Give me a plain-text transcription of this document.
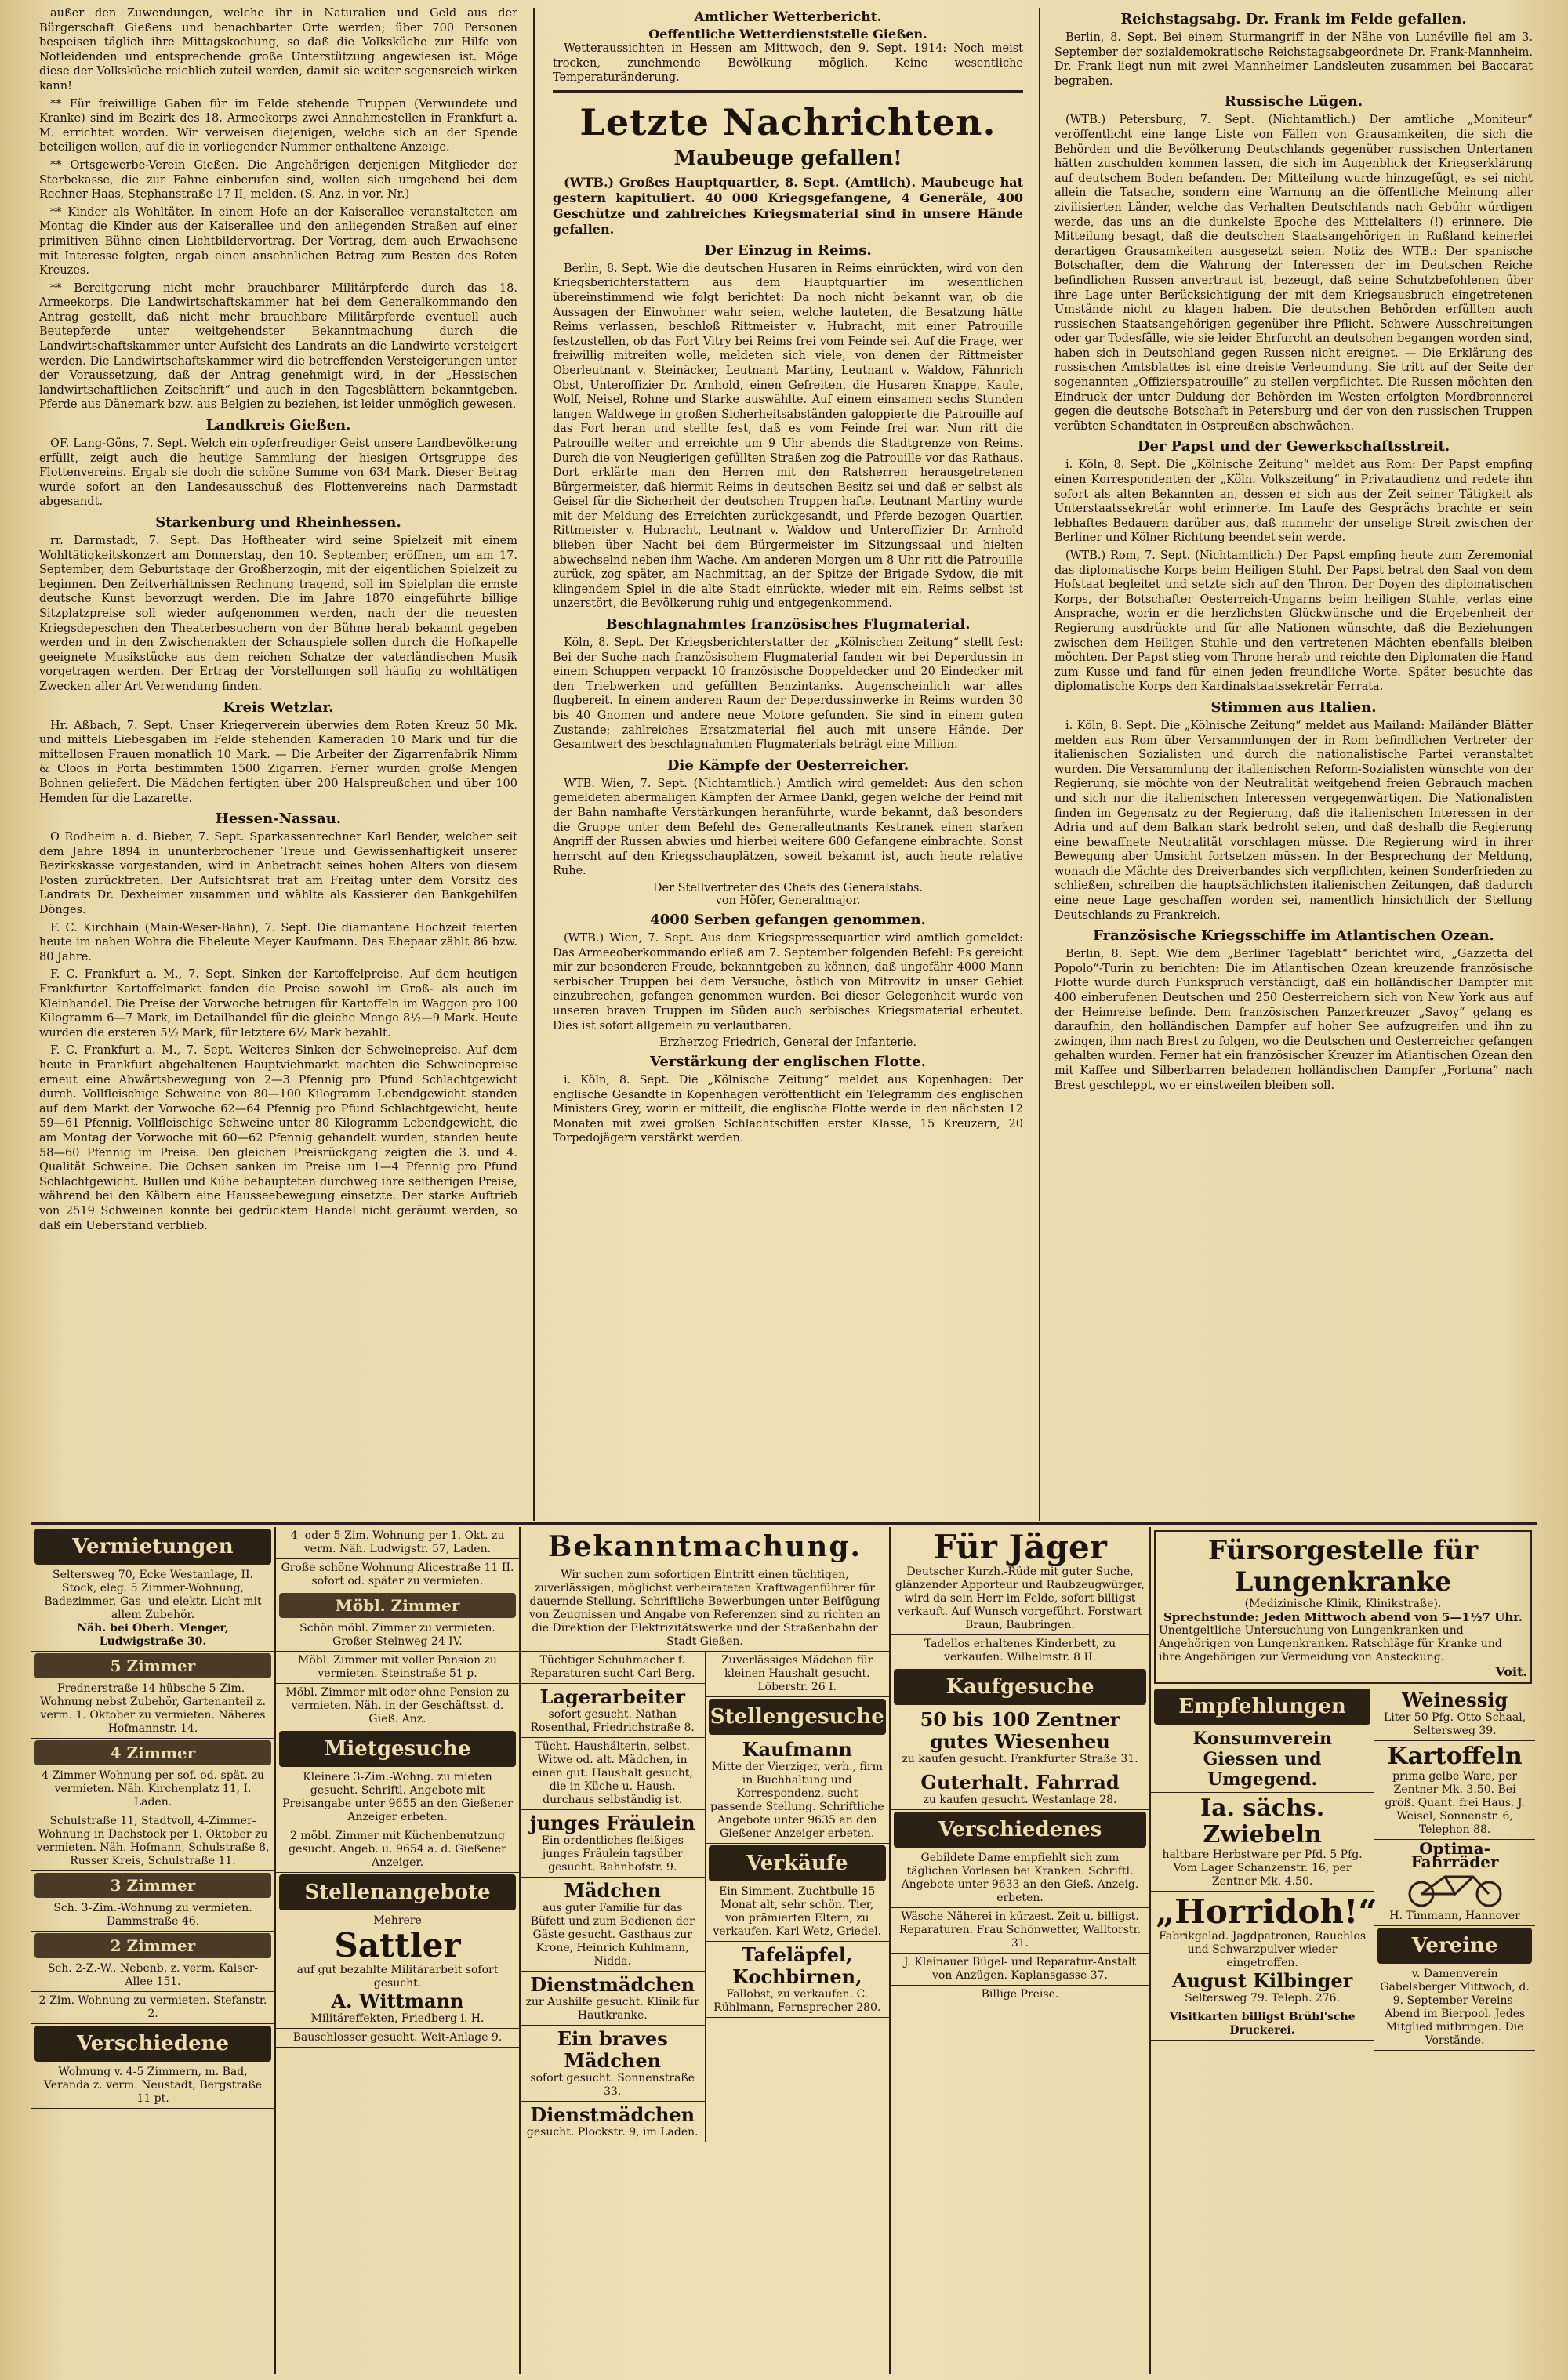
außer den Zuwendungen, welche ihr in Naturalien und Geld aus der Bürgerschaft Gießens und benachbarter Orte werden; über 700 Personen bespeisen täglich ihre Mittagskochung, so daß die Volksküche zur Hilfe von Notleidenden und entsprechende große Unterstützung angewiesen ist. Möge diese der Volksküche reichlich zuteil werden, damit sie weiter segensreich wirken kann!

** Für freiwillige Gaben für im Felde stehende Truppen (Verwundete und Kranke) sind im Bezirk des 18. Armeekorps zwei Annahmestellen in Frankfurt a. M. errichtet worden. Wir verweisen diejenigen, welche sich an der Spende beteiligen wollen, auf die in vorliegender Nummer enthaltene Anzeige.

** Ortsgewerbe-Verein Gießen. Die Angehörigen derjenigen Mitglieder der Sterbekasse, die zur Fahne einberufen sind, wollen sich umgehend bei dem Rechner Haas, Stephanstraße 17 II, melden. (S. Anz. in vor. Nr.)

** Kinder als Wohltäter. In einem Hofe an der Kaiserallee veranstalteten am Montag die Kinder aus der Kaiserallee und den anliegenden Straßen auf einer primitiven Bühne einen Lichtbildervortrag. Der Vortrag, dem auch Erwachsene mit Interesse folgten, ergab einen ansehnlichen Betrag zum Besten des Roten Kreuzes.

** Bereitgerung nicht mehr brauchbarer Militärpferde durch das 18. Armeekorps. Die Landwirtschaftskammer hat bei dem Generalkommando den Antrag gestellt, daß nicht mehr brauchbare Militärpferde eventuell auch Beutepferde unter weitgehendster Bekanntmachung durch die Landwirtschaftskammer unter Aufsicht des Landrats an die Landwirte versteigert werden. Die Landwirtschaftskammer wird die betreffenden Versteigerungen unter der Voraussetzung, daß der Antrag genehmigt wird, in der „Hessischen landwirtschaftlichen Zeitschrift“ und auch in den Tagesblättern bekanntgeben. Pferde aus Dänemark bzw. aus Belgien zu beziehen, ist leider unmöglich gewesen.

Landkreis Gießen.

OF. Lang-Göns, 7. Sept. Welch ein opferfreudiger Geist unsere Landbevölkerung erfüllt, zeigt auch die heutige Sammlung der hiesigen Ortsgruppe des Flottenvereins. Ergab sie doch die schöne Summe von 634 Mark. Dieser Betrag wurde sofort an den Landesausschuß des Flottenvereins nach Darmstadt abgesandt.

Starkenburg und Rheinhessen.

rr. Darmstadt, 7. Sept. Das Hoftheater wird seine Spielzeit mit einem Wohltätigkeitskonzert am Donnerstag, den 10. September, eröffnen, um am 17. September, dem Geburtstage der Großherzogin, mit der eigentlichen Spielzeit zu beginnen. Den Zeitverhältnissen Rechnung tragend, soll im Spielplan die ernste deutsche Kunst bevorzugt werden. Die im Jahre 1870 eingeführte billige Sitzplatzpreise soll wieder aufgenommen werden, nach der die neuesten Kriegsdepeschen den Theaterbesuchern von der Bühne herab bekannt gegeben werden und in den Zwischenakten der Schauspiele sollen durch die Hofkapelle geeignete Musikstücke aus dem reichen Schatze der vaterländischen Musik vorgetragen werden. Der Ertrag der Vorstellungen soll häufig zu wohltätigen Zwecken aller Art Verwendung finden.

Kreis Wetzlar.

Hr. Aßbach, 7. Sept. Unser Kriegerverein überwies dem Roten Kreuz 50 Mk. und mittels Liebesgaben im Felde stehenden Kameraden 10 Mark und für die mittellosen Frauen monatlich 10 Mark. — Die Arbeiter der Zigarrenfabrik Nimm & Cloos in Porta bestimmten 1500 Zigarren. Ferner wurden große Mengen Bohnen geliefert. Die Mädchen fertigten über 200 Halspreußchen und über 100 Hemden für die Lazarette.

Hessen-Nassau.

O Rodheim a. d. Bieber, 7. Sept. Sparkassenrechner Karl Bender, welcher seit dem Jahre 1894 in ununterbrochener Treue und Gewissenhaftigkeit unserer Bezirkskasse vorgestanden, wird in Anbetracht seines hohen Alters von diesem Posten zurücktreten. Der Aufsichtsrat trat am Freitag unter dem Vorsitz des Landrats Dr. Dexheimer zusammen und wählte als Kassierer den Bankgehilfen Dönges.

F. C. Kirchhain (Main-Weser-Bahn), 7. Sept. Die diamantene Hochzeit feierten heute im nahen Wohra die Eheleute Meyer Kaufmann. Das Ehepaar zählt 86 bzw. 80 Jahre.

F. C. Frankfurt a. M., 7. Sept. Sinken der Kartoffelpreise. Auf dem heutigen Frankfurter Kartoffelmarkt fanden die Preise sowohl im Groß- als auch im Kleinhandel. Die Preise der Vorwoche betrugen für Kartoffeln im Waggon pro 100 Kilogramm 6—7 Mark, im Detailhandel für die gleiche Menge 8½—9 Mark. Heute wurden die ersteren 5½ Mark, für letztere 6½ Mark bezahlt.

F. C. Frankfurt a. M., 7. Sept. Weiteres Sinken der Schweinepreise. Auf dem heute in Frankfurt abgehaltenen Hauptviehmarkt machten die Schweinepreise erneut eine Abwärtsbewegung von 2—3 Pfennig pro Pfund Schlachtgewicht durch. Vollfleischige Schweine von 80—100 Kilogramm Lebendgewicht standen auf dem Markt der Vorwoche 62—64 Pfennig pro Pfund Schlachtgewicht, heute 59—61 Pfennig. Vollfleischige Schweine unter 80 Kilogramm Lebendgewicht, die am Montag der Vorwoche mit 60—62 Pfennig gehandelt wurden, standen heute 58—60 Pfennig im Preise. Den gleichen Preisrückgang zeigten die 3. und 4. Qualität Schweine. Die Ochsen sanken im Preise um 1—4 Pfennig pro Pfund Schlachtgewicht. Bullen und Kühe behaupteten durchweg ihre seitherigen Preise, während bei den Kälbern eine Hausseebewegung einsetzte. Der starke Auftrieb von 2519 Schweinen konnte bei gedrücktem Handel nicht geräumt werden, so daß ein Ueberstand verblieb.

Amtlicher Wetterbericht.
Oeffentliche Wetterdienststelle Gießen.

Wetteraussichten in Hessen am Mittwoch, den 9. Sept. 1914: Noch meist trocken, zunehmende Bewölkung möglich. Keine wesentliche Temperaturänderung.

Letzte Nachrichten.
Maubeuge gefallen!

(WTB.) Großes Hauptquartier, 8. Sept. (Amtlich). Maubeuge hat gestern kapituliert. 40 000 Kriegsgefangene, 4 Generäle, 400 Geschütze und zahlreiches Kriegsmaterial sind in unsere Hände gefallen.

Der Einzug in Reims.

Berlin, 8. Sept. Wie die deutschen Husaren in Reims einrückten, wird von den Kriegsberichterstattern aus dem Hauptquartier im wesentlichen übereinstimmend wie folgt berichtet: Da noch nicht bekannt war, ob die Aussagen der Einwohner wahr seien, welche lauteten, die Besatzung hätte Reims verlassen, beschloß Rittmeister v. Hubracht, mit einer Patrouille festzustellen, ob das Fort Vitry bei Reims frei vom Feinde sei. Auf die Frage, wer freiwillig mitreiten wolle, meldeten sich viele, von denen der Rittmeister Oberleutnant v. Steinäcker, Leutnant Martiny, Leutnant v. Waldow, Fähnrich Obst, Unteroffizier Dr. Arnhold, einen Gefreiten, die Husaren Knappe, Kaule, Wolf, Neisel, Rohne und Starke auswählte. Auf einem einsamen sechs Stunden langen Waldwege in großen Sicherheitsabständen galoppierte die Patrouille auf das Fort heran und stellte fest, daß es vom Feinde frei war. Nun ritt die Patrouille weiter und erreichte um 9 Uhr abends die Stadtgrenze von Reims. Durch die von Neugierigen gefüllten Straßen zog die Patrouille vor das Rathaus. Dort erklärte man den Herren mit den Ratsherren herausgetretenen Bürgermeister, daß hiermit Reims in deutschen Besitz sei und daß er selbst als Geisel für die Sicherheit der deutschen Truppen hafte. Leutnant Martiny wurde mit der Meldung des Erreichten zurückgesandt, und Pferde bezogen Quartier. Rittmeister v. Hubracht, Leutnant v. Waldow und Unteroffizier Dr. Arnhold blieben über Nacht bei dem Bürgermeister im Sitzungssaal und hielten abwechselnd neben ihm Wache. Am anderen Morgen um 8 Uhr ritt die Patrouille zurück, zog später, am Nachmittag, an der Spitze der Brigade Sydow, die mit klingendem Spiel in die alte Stadt einrückte, wieder mit ein. Reims selbst ist unzerstört, die Bevölkerung ruhig und entgegenkommend.

Beschlagnahmtes französisches Flugmaterial.

Köln, 8. Sept. Der Kriegsberichterstatter der „Kölnischen Zeitung“ stellt fest: Bei der Suche nach französischem Flugmaterial fanden wir bei Deperdussin in einem Schuppen verpackt 10 französische Doppeldecker und 20 Eindecker mit den Triebwerken und gefüllten Benzintanks. Augenscheinlich war alles flugbereit. In einem anderen Raum der Deperdussinwerke in Reims wurden 30 bis 40 Gnomen und andere neue Motore gefunden. Sie sind in einem guten Zustande; zahlreiches Ersatzmaterial fiel auch mit unsere Hände. Der Gesamtwert des beschlagnahmten Flugmaterials beträgt eine Million.

Die Kämpfe der Oesterreicher.

WTB. Wien, 7. Sept. (Nichtamtlich.) Amtlich wird gemeldet: Aus den schon gemeldeten abermaligen Kämpfen der Armee Dankl, gegen welche der Feind mit der Bahn namhafte Verstärkungen heranführte, wurde bekannt, daß besonders die Gruppe unter dem Befehl des Generalleutnants Kestranek einen starken Angriff der Russen abwies und hierbei weitere 600 Gefangene einbrachte. Sonst herrscht auf den Kriegsschauplätzen, soweit bekannt ist, auch heute relative Ruhe.

Der Stellvertreter des Chefs des Generalstabs.
von Höfer, Generalmajor.
4000 Serben gefangen genommen.

(WTB.) Wien, 7. Sept. Aus dem Kriegspressequartier wird amtlich gemeldet: Das Armeeoberkommando erließ am 7. September folgenden Befehl: Es gereicht mir zur besonderen Freude, bekanntgeben zu können, daß ungefähr 4000 Mann serbischer Truppen bei dem Versuche, östlich von Mitrovitz in unser Gebiet einzubrechen, gefangen genommen wurden. Bei dieser Gelegenheit wurde von unseren braven Truppen im Süden auch serbisches Kriegsmaterial erbeutet. Dies ist sofort allgemein zu verlautbaren.

Erzherzog Friedrich, General der Infanterie.
Verstärkung der englischen Flotte.

i. Köln, 8. Sept. Die „Kölnische Zeitung“ meldet aus Kopenhagen: Der englische Gesandte in Kopenhagen veröffentlicht ein Telegramm des englischen Ministers Grey, worin er mitteilt, die englische Flotte werde in den nächsten 12 Monaten mit zwei großen Schlachtschiffen erster Klasse, 15 Kreuzern, 20 Torpedojägern verstärkt werden.

Reichstagsabg. Dr. Frank im Felde gefallen.

Berlin, 8. Sept. Bei einem Sturmangriff in der Nähe von Lunéville fiel am 3. September der sozialdemokratische Reichstagsabgeordnete Dr. Frank-Mannheim. Dr. Frank liegt nun mit zwei Mannheimer Landsleuten zusammen bei Baccarat begraben.

Russische Lügen.

(WTB.) Petersburg, 7. Sept. (Nichtamtlich.) Der amtliche „Moniteur“ veröffentlicht eine lange Liste von Fällen von Grausamkeiten, die sich die Behörden und die Bevölkerung Deutschlands gegenüber russischen Untertanen hätten zuschulden kommen lassen, die sich im Augenblick der Kriegserklärung auf deutschem Boden befanden. Der Mitteilung wurde hinzugefügt, es sei nicht allein die Tatsache, sondern eine Warnung an die öffentliche Meinung aller zivilisierten Länder, welche das Verhalten Deutschlands nach Gebühr würdigen werde, das uns an die dunkelste Epoche des Mittelalters (!) erinnere. Die Mitteilung besagt, daß die deutschen Staatsangehörigen in Rußland keinerlei derartigen Grausamkeiten ausgesetzt seien. Notiz des WTB.: Der spanische Botschafter, dem die Wahrung der Interessen der im Deutschen Reiche befindlichen Russen anvertraut ist, bezeugt, daß seine Schutzbefohlenen über ihre Lage unter Berücksichtigung der mit dem Kriegsausbruch eingetretenen Umstände nicht zu klagen haben. Die deutschen Behörden erfüllten auch russischen Staatsangehörigen gegenüber ihre Pflicht. Schwere Ausschreitungen oder gar Todesfälle, wie sie leider Ehrfurcht an deutschen begangen worden sind, haben sich in Deutschland gegen Russen nicht ereignet. — Die Erklärung des russischen Amtsblattes ist eine dreiste Verleumdung. Sie tritt auf der Seite der sogenannten „Offizierspatrouille“ zu stellen verpflichtet. Die Russen möchten den Eindruck der unter Duldung der Behörden im Westen erfolgten Mordbrennerei gegen die deutsche Botschaft in Petersburg und der von den russischen Truppen verübten Schandtaten in Ostpreußen abschwächen.

Der Papst und der Gewerkschaftsstreit.

i. Köln, 8. Sept. Die „Kölnische Zeitung“ meldet aus Rom: Der Papst empfing einen Korrespondenten der „Köln. Volkszeitung“ in Privataudienz und redete ihn sofort als alten Bekannten an, dessen er sich aus der Zeit seiner Tätigkeit als Unterstaatssekretär wohl erinnerte. Im Laufe des Gesprächs brachte er sein lebhaftes Bedauern darüber aus, daß nunmehr der unselige Streit zwischen der Berliner und Kölner Richtung beendet sein werde.

(WTB.) Rom, 7. Sept. (Nichtamtlich.) Der Papst empfing heute zum Zeremonial das diplomatische Korps beim Heiligen Stuhl. Der Papst betrat den Saal von dem Hofstaat begleitet und setzte sich auf den Thron. Der Doyen des diplomatischen Korps, der Botschafter Oesterreich-Ungarns beim heiligen Stuhle, verlas eine Ansprache, worin er die herzlichsten Glückwünsche und die Ergebenheit der Regierung ausdrückte und für alle Nationen wünschte, daß die Beziehungen zwischen dem Heiligen Stuhle und den vertretenen Mächten ebenfalls bleiben möchten. Der Papst stieg vom Throne herab und reichte den Diplomaten die Hand zum Kusse und fand für einen jeden freundliche Worte. Später besuchte das diplomatische Korps den Kardinalstaatssekretär Ferrata.

Stimmen aus Italien.

i. Köln, 8. Sept. Die „Kölnische Zeitung“ meldet aus Mailand: Mailänder Blätter melden aus Rom über Versammlungen der in Rom befindlichen Vertreter der italienischen Sozialisten und durch die nationalistische Partei veranstaltet wurden. Die Versammlung der italienischen Reform-Sozialisten wünschte von der Regierung, sie möchte von der Neutralität weitgehend freien Gebrauch machen und sich nur die italienischen Interessen vergegenwärtigen. Die Nationalisten finden im Gegensatz zu der Regierung, daß die italienischen Interessen in der Adria und auf dem Balkan stark bedroht seien, und daß deshalb die Regierung eine bewaffnete Neutralität vorschlagen müsse. Die Regierung wird in ihrer Bewegung aber Umsicht fortsetzen müssen. In der Besprechung der Meldung, wonach die Mächte des Dreiverbandes sich verpflichten, keinen Sonderfrieden zu schließen, schreiben die hauptsächlichsten italienischen Zeitungen, daß dadurch eine neue Lage geschaffen worden sei, namentlich hinsichtlich der Stellung Deutschlands zu Frankreich.

Französische Kriegsschiffe im Atlantischen Ozean.

Berlin, 8. Sept. Wie dem „Berliner Tageblatt“ berichtet wird, „Gazzetta del Popolo“-Turin zu berichten: Die im Atlantischen Ozean kreuzende französische Flotte wurde durch Funkspruch verständigt, daß ein holländischer Dampfer mit 400 einberufenen Deutschen und 250 Oesterreichern sich von New York aus auf der Heimreise befinde. Dem französischen Panzerkreuzer „Savoy“ gelang es daraufhin, den holländischen Dampfer auf hoher See aufzugreifen und ihn zu zwingen, ihm nach Brest zu folgen, wo die Deutschen und Oesterreicher gefangen gehalten wurden. Ferner hat ein französischer Kreuzer im Atlantischen Ozean den mit Kaffee und Silberbarren beladenen holländischen Dampfer „Fortuna“ nach Brest geschleppt, wo er einstweilen bleiben soll.

Vermietungen
Seltersweg 70, Ecke Westanlage, II. Stock, eleg. 5 Zimmer-Wohnung, Badezimmer, Gas- und elektr. Licht mit allem Zubehör.
Näh. bei Oberh. Menger, Ludwigstraße 30.
5 Zimmer
Frednerstraße 14 hübsche 5-Zim.-Wohnung nebst Zubehör, Gartenanteil z. verm. 1. Oktober zu vermieten. Näheres Hofmannstr. 14.
4 Zimmer
4-Zimmer-Wohnung per sof. od. spät. zu vermieten. Näh. Kirchenplatz 11, I. Laden.
Schulstraße 11, Stadtvoll, 4-Zimmer-Wohnung in Dachstock per 1. Oktober zu vermieten. Näh. Hofmann, Schulstraße 8, Russer Kreis, Schulstraße 11.
3 Zimmer
Sch. 3-Zim.-Wohnung zu vermieten. Dammstraße 46.
2 Zimmer
Sch. 2-Z.-W., Nebenb. z. verm. Kaiser-Allee 151.
2-Zim.-Wohnung zu vermieten. Stefanstr. 2.
Verschiedene
Wohnung v. 4-5 Zimmern, m. Bad, Veranda z. verm. Neustadt, Bergstraße 11 pt.
4- oder 5-Zim.-Wohnung per 1. Okt. zu verm. Näh. Ludwigstr. 57, Laden.
Große schöne Wohnung Alicestraße 11 II. sofort od. später zu vermieten.
Möbl. Zimmer
Schön möbl. Zimmer zu vermieten. Großer Steinweg 24 IV.
Möbl. Zimmer mit voller Pension zu vermieten. Steinstraße 51 p.
Möbl. Zimmer mit oder ohne Pension zu vermieten. Näh. in der Geschäftsst. d. Gieß. Anz.
Mietgesuche
Kleinere 3-Zim.-Wohng. zu mieten gesucht. Schriftl. Angebote mit Preisangabe unter 9655 an den Gießener Anzeiger erbeten.
2 möbl. Zimmer mit Küchenbenutzung gesucht. Angeb. u. 9654 a. d. Gießener Anzeiger.
Stellenangebote
Mehrere
Sattler
auf gut bezahlte Militärarbeit sofort gesucht.
A. Wittmann
Militäreffekten, Friedberg i. H.
Bauschlosser gesucht. Weit-Anlage 9.
Bekanntmachung.
Wir suchen zum sofortigen Eintritt einen tüchtigen, zuverlässigen, möglichst verheirateten Kraftwagenführer für dauernde Stellung. Schriftliche Bewerbungen unter Beifügung von Zeugnissen und Angabe von Referenzen sind zu richten an die Direktion der Elektrizitätswerke und der Straßenbahn der Stadt Gießen.
Tüchtiger Schuhmacher f. Reparaturen sucht Carl Berg.
Lagerarbeiter
sofort gesucht. Nathan Rosenthal, Friedrichstraße 8.
Tücht. Haushälterin, selbst. Witwe od. alt. Mädchen, in einen gut. Haushalt gesucht, die in Küche u. Haush. durchaus selbständig ist.
junges Fräulein
Ein ordentliches fleißiges junges Fräulein tagsüber gesucht. Bahnhofstr. 9.
Mädchen
aus guter Familie für das Büfett und zum Bedienen der Gäste gesucht. Gasthaus zur Krone, Heinrich Kuhlmann, Nidda.
Dienstmädchen
zur Aushilfe gesucht. Klinik für Hautkranke.
Ein braves Mädchen
sofort gesucht. Sonnenstraße 33.
Dienstmädchen
gesucht. Plockstr. 9, im Laden.
Zuverlässiges Mädchen für kleinen Haushalt gesucht. Löberstr. 26 I.
Stellengesuche
Kaufmann
Mitte der Vierziger, verh., firm in Buchhaltung und Korrespondenz, sucht passende Stellung. Schriftliche Angebote unter 9635 an den Gießener Anzeiger erbeten.
Verkäufe
Ein Simment. Zuchtbulle 15 Monat alt, sehr schön. Tier, von prämierten Eltern, zu verkaufen. Karl Wetz, Griedel.
Tafeläpfel, Kochbirnen,
Fallobst, zu verkaufen. C. Rühlmann, Fernsprecher 280.
Für Jäger
Deutscher Kurzh.-Rüde mit guter Suche, glänzender Apporteur und Raubzeugwürger, wird da sein Herr im Felde, sofort billigst verkauft. Auf Wunsch vorgeführt. Forstwart Braun, Baubringen.
Tadellos erhaltenes Kinderbett, zu verkaufen. Wilhelmstr. 8 II.
Kaufgesuche
50 bis 100 Zentner gutes Wiesenheu
zu kaufen gesucht. Frankfurter Straße 31.
Guterhalt. Fahrrad
zu kaufen gesucht. Westanlage 28.
Verschiedenes
Gebildete Dame empfiehlt sich zum täglichen Vorlesen bei Kranken. Schriftl. Angebote unter 9633 an den Gieß. Anzeig. erbeten.
Wäsche-Näherei in kürzest. Zeit u. billigst. Reparaturen. Frau Schönwetter, Walltorstr. 31.
J. Kleinauer Bügel- und Reparatur-Anstalt von Anzügen. Kaplansgasse 37.
Billige Preise.
Fürsorgestelle für Lungenkranke
(Medizinische Klinik, Klinikstraße).
Sprechstunde: Jeden Mittwoch abend von 5—1½7 Uhr.
Unentgeltliche Untersuchung von Lungenkranken und Angehörigen von Lungenkranken. Ratschläge für Kranke und ihre Angehörigen zur Vermeidung von Ansteckung.
Voit.
Empfehlungen
Konsumverein Giessen und Umgegend.
Ia. sächs. Zwiebeln
haltbare Herbstware per Pfd. 5 Pfg. Vom Lager Schanzenstr. 16, per Zentner Mk. 4.50.
„Horridoh!“
Fabrikgelad. Jagdpatronen, Rauchlos und Schwarzpulver wieder eingetroffen.
August Kilbinger
Seltersweg 79. Teleph. 276.
Visitkarten billigst Brühl'sche Druckerei.
Weinessig
Liter 50 Pfg. Otto Schaal, Seltersweg 39.
Kartoffeln
prima gelbe Ware, per Zentner Mk. 3.50. Bei größ. Quant. frei Haus. J. Weisel, Sonnenstr. 6, Telephon 88.
Optima-Fahrräder
H. Timmann, Hannover
Vereine
v. Damenverein Gabelsberger Mittwoch, d. 9. September Vereins-Abend im Bierpool. Jedes Mitglied mitbringen. Die Vorstände.
